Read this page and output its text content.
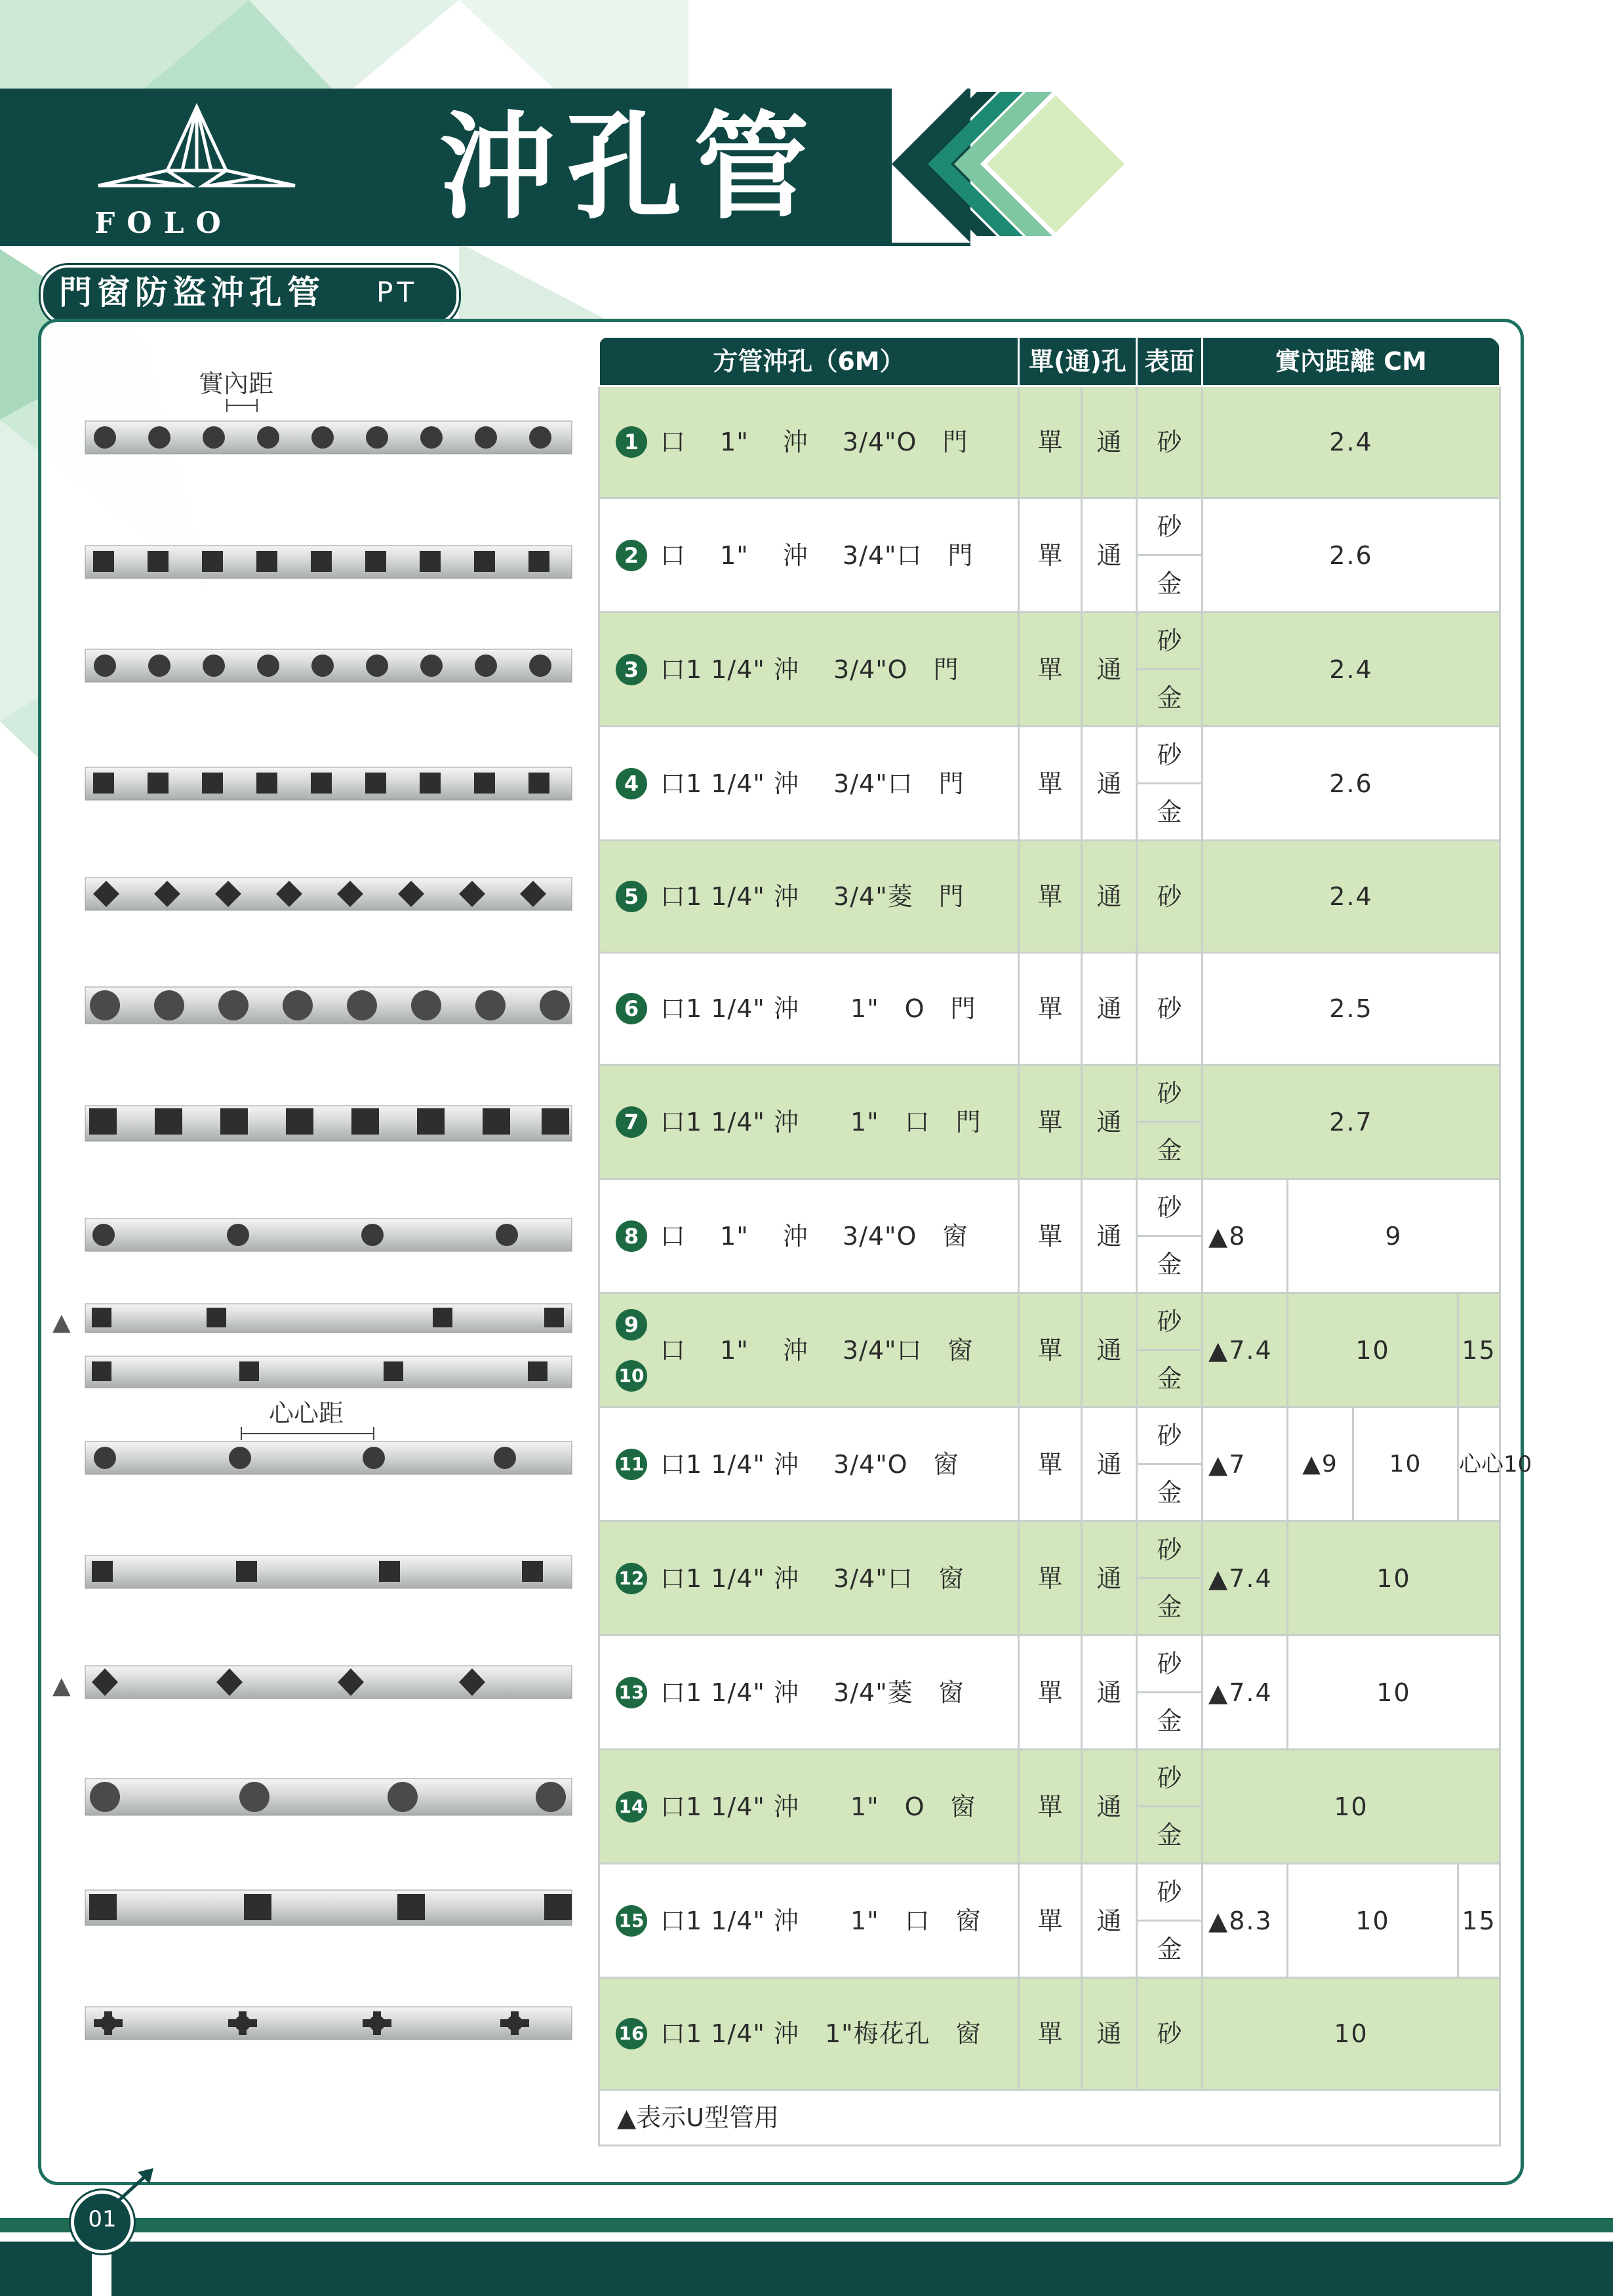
FOLO 沖孔管
門窗防盜沖孔管 PT
實內距
▲
心心距
▲
方管沖孔（6M）	單(通)孔		表面	實內距離 CM			

1 口　 1"　 沖　 3/4"O　門	單	通	砂	2.4			

2 口　 1"　 沖　 3/4"口　門	單	通	砂	2.6			
			金				

3 口1 1/4" 沖　 3/4"O　門	單	通	砂	2.4			
			金				

4 口1 1/4" 沖　 3/4"口　門	單	通	砂	2.6			
			金				

5 口1 1/4" 沖　 3/4"菱　門	單	通	砂	2.4			

6 口1 1/4" 沖　　1"　O　門	單	通	砂	2.5			

7 口1 1/4" 沖　　1"　口　門	單	通	砂	2.7			
			金				

8 口　 1"　 沖　 3/4"O　窗	單	通	砂	▲8	9		
			金				

9
10
口　 1"　 沖　 3/4"口　窗	單	通	砂	▲7.4	10		15
			金				

11 口1 1/4" 沖　 3/4"O　窗	單	通	砂	▲7	▲9	10	心心10
			金				

12 口1 1/4" 沖　 3/4"口　窗	單	通	砂	▲7.4	10		
			金				

13 口1 1/4" 沖　 3/4"菱　窗	單	通	砂	▲7.4	10		
			金				

14 口1 1/4" 沖　　1"　O　窗	單	通	砂	10			
			金				

15 口1 1/4" 沖　　1"　口　窗	單	通	砂	▲8.3	10		15
			金				

16 口1 1/4" 沖　1"梅花孔　窗	單	通	砂	10			
▲表示U型管用							
01
